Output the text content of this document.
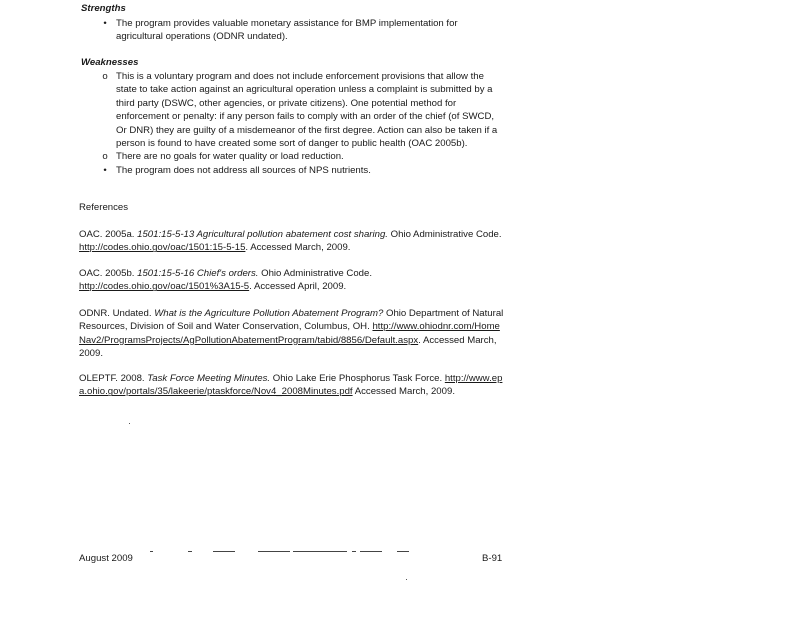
Strengths
• The program provides valuable monetary assistance for BMP implementation for agricultural operations (ODNR undated).
Weaknesses
o This is a voluntary program and does not include enforcement provisions that allow the state to take action against an agricultural operation unless a complaint is submitted by a third party (DSWC, other agencies, or private citizens). One potential method for enforcement or penalty: if any person fails to comply with an order of the chief (of SWCD, Or DNR) they are guilty of a misdemeanor of the first degree. Action can also be taken if a person is found to have created some sort of danger to public health (OAC 2005b).
o There are no goals for water quality or load reduction.
• The program does not address all sources of NPS nutrients.
References

OAC. 2005a. 1501:15-5-13 Agricultural pollution abatement cost sharing. Ohio Administrative Code. http://codes.ohio.gov/oac/1501:15-5-15. Accessed March, 2009.

OAC. 2005b. 1501:15-5-16 Chief's orders. Ohio Administrative Code. http://codes.ohio.gov/oac/1501%3A15-5. Accessed April, 2009.

ODNR. Undated. What is the Agriculture Pollution Abatement Program? Ohio Department of Natural Resources, Division of Soil and Water Conservation, Columbus, OH. http://www.ohiodnr.com/HomeNav2/ProgramsProjects/AgPollutionAbatementProgram/tabid/8856/Default.aspx. Accessed March, 2009.

OLEPTF. 2008. Task Force Meeting Minutes. Ohio Lake Erie Phosphorus Task Force. http://www.epa.ohio.gov/portals/35/lakeerie/ptaskforce/Nov4_2008Minutes.pdf Accessed March, 2009.

August 2009	B-91
